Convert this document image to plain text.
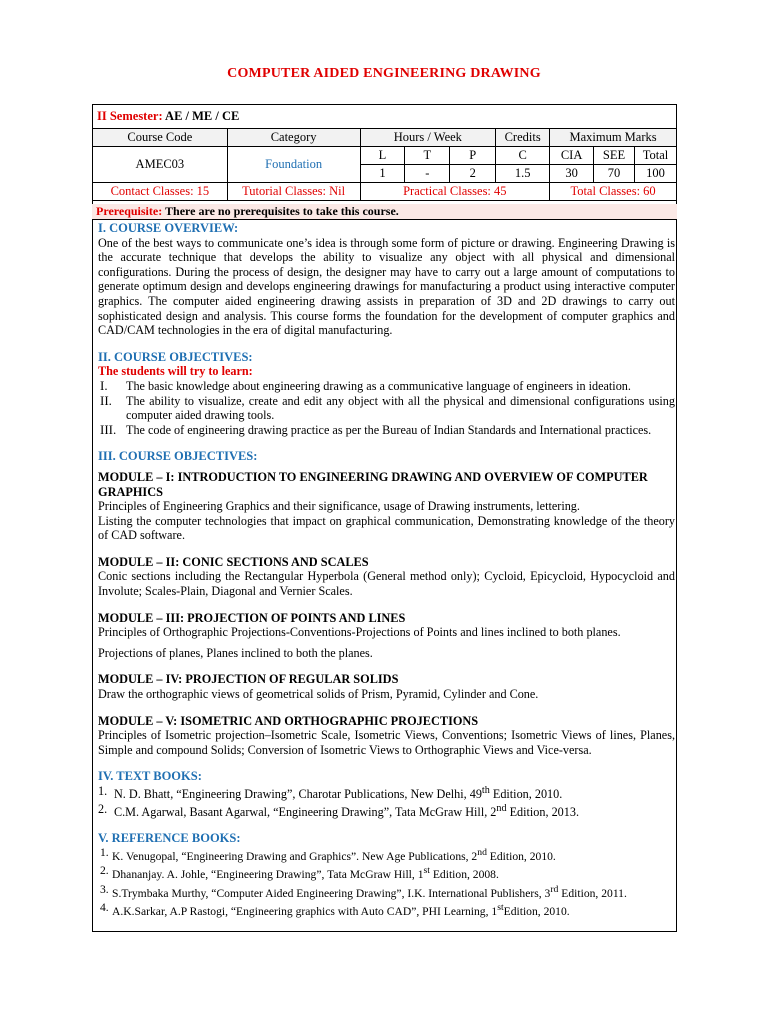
COMPUTER AIDED ENGINEERING DRAWING
II Semester: AE / ME / CE
Course Code	Category	Hours / Week			Credits	Maximum Marks		
AMEC03	Foundation	L	T	P	C	CIA	SEE	Total
		1	-	2	1.5	30	70	100
Contact Classes: 15	Tutorial Classes: Nil	Practical Classes: 45				Total Classes: 60		
Prerequisite: There are no prerequisites to take this course.
I. COURSE OVERVIEW:
One of the best ways to communicate one’s idea is through some form of picture or drawing. Engineering Drawing is the accurate technique that develops the ability to visualize any object with all physical and dimensional configurations. During the process of design, the designer may have to carry out a large amount of computations to generate optimum design and develops engineering drawings for manufacturing a product using interactive computer graphics. The computer aided engineering drawing assists in preparation of 3D and 2D drawings to carry out sophisticated design and analysis. This course forms the foundation for the development of computer graphics and CAD/CAM technologies in the era of digital manufacturing.
II. COURSE OBJECTIVES:
The students will try to learn:
I. The basic knowledge about engineering drawing as a communicative language of engineers in ideation.
II. The ability to visualize, create and edit any object with all the physical and dimensional configurations using computer aided drawing tools.
III. The code of engineering drawing practice as per the Bureau of Indian Standards and International practices.
III. COURSE OBJECTIVES:
MODULE – I: INTRODUCTION TO ENGINEERING DRAWING AND OVERVIEW OF COMPUTER GRAPHICS
Principles of Engineering Graphics and their significance, usage of Drawing instruments, lettering.
Listing the computer technologies that impact on graphical communication, Demonstrating knowledge of the theory of CAD software.
MODULE – II: CONIC SECTIONS AND SCALES
Conic sections including the Rectangular Hyperbola (General method only); Cycloid, Epicycloid, Hypocycloid and Involute; Scales-Plain, Diagonal and Vernier Scales.
MODULE – III: PROJECTION OF POINTS AND LINES
Principles of Orthographic Projections-Conventions-Projections of Points and lines inclined to both planes.
Projections of planes, Planes inclined to both the planes.
MODULE – IV: PROJECTION OF REGULAR SOLIDS
Draw the orthographic views of geometrical solids of Prism, Pyramid, Cylinder and Cone.
MODULE – V: ISOMETRIC AND ORTHOGRAPHIC PROJECTIONS
Principles of Isometric projection–Isometric Scale, Isometric Views, Conventions; Isometric Views of lines, Planes, Simple and compound Solids; Conversion of Isometric Views to Orthographic Views and Vice-versa.
IV. TEXT BOOKS:
1. N. D. Bhatt, “Engineering Drawing”, Charotar Publications, New Delhi, 49th Edition, 2010.
2. C.M. Agarwal, Basant Agarwal, “Engineering Drawing”, Tata McGraw Hill, 2nd Edition, 2013.
V. REFERENCE BOOKS:
1. K. Venugopal, “Engineering Drawing and Graphics”. New Age Publications, 2nd Edition, 2010.
2. Dhananjay. A. Johle, “Engineering Drawing”, Tata McGraw Hill, 1st Edition, 2008.
3. S.Trymbaka Murthy, “Computer Aided Engineering Drawing”, I.K. International Publishers, 3rd Edition, 2011.
4. A.K.Sarkar, A.P Rastogi, “Engineering graphics with Auto CAD”, PHI Learning, 1stEdition, 2010.
